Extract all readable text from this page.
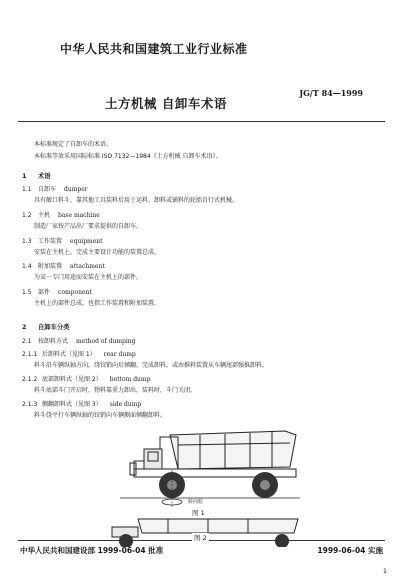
中华人民共和国建筑工业行业标准
JG/T 84—1999
土方机械 自卸车术语
本标准规定了自卸车的术语。
本标准等效采用国际标准 ISO 7132—1984《土方机械 自卸车术语》。
1 术语
1.1 自卸车 dumper
具有敞口料斗，靠其他工具装料后用于运料、卸料或铺料的轮胎自行式机械。
1.2 主机 base machine
制造厂家按产品出厂要求提供的自卸车。
1.3 工作装置 equipment
安装在主机上，完成主要设计功能的装置总成。
1.4 附加装置 attachment
为某一专门用途而安装在主机上的部件。
1.5 部件 component
主机上的部件总成，也指工作装置和附加装置。
2 自卸车分类
2.1 按卸料方式 method of dumping
2.1.1 后卸料式（见图 1） rear dump
料斗沿车辆纵轴方向，绕铰销向后倾翻，完成卸料。或由推料装置从车辆尾部强推卸料。
2.1.2 底部卸料式（见图 2） bottom dump
料斗底部斗门开启时，物料靠重力卸出，装料时，斗门关闭。
2.1.3 侧翻卸料式（见图 3） side dump
料斗绕平行车辆纵轴的铰销向车辆侧面倾翻卸料。
转向轮
图 1
图 2
中华人民共和国建设部 1999-06-04 批准	1999-06-04 实施
1
